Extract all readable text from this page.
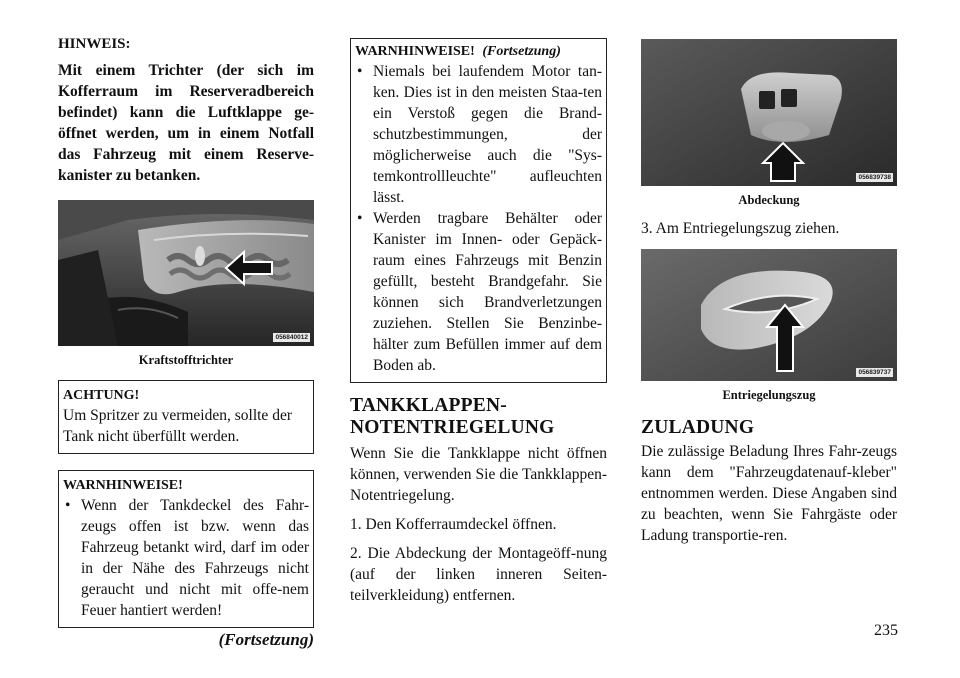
HINWEIS:

Mit einem Trichter (der sich im Kofferraum im Reserveradbereich befindet) kann die Luftklappe ge-öffnet werden, um in einem Notfall das Fahrzeug mit einem Reserve-kanister zu betanken.

056840012

Kraftstofftrichter

ACHTUNG!

Um Spritzer zu vermeiden, sollte der Tank nicht überfüllt werden.

WARNHINWEISE!

• Wenn der Tankdeckel des Fahr-zeugs offen ist bzw. wenn das Fahrzeug betankt wird, darf im oder in der Nähe des Fahrzeugs nicht geraucht und nicht mit offe-nem Feuer hantiert werden!

(Fortsetzung)

WARNHINWEISE! (Fortsetzung)

• Niemals bei laufendem Motor tan-ken. Dies ist in den meisten Staa-ten ein Verstoß gegen die Brand-schutzbestimmungen, der möglicherweise auch die "Sys-temkontrollleuchte" aufleuchten lässt.
• Werden tragbare Behälter oder Kanister im Innen- oder Gepäck-raum eines Fahrzeugs mit Benzin gefüllt, besteht Brandgefahr. Sie können sich Brandverletzungen zuziehen. Stellen Sie Benzinbe-hälter zum Befüllen immer auf dem Boden ab.

TANKKLAPPEN-

NOTENTRIEGELUNG

Wenn Sie die Tankklappe nicht öffnen können, verwenden Sie die Tankklappen-Notentriegelung.

1. Den Kofferraumdeckel öffnen.

2. Die Abdeckung der Montageöff-nung (auf der linken inneren Seiten-teilverkleidung) entfernen.

056839738

Abdeckung

3. Am Entriegelungszug ziehen.

056839737

Entriegelungszug

ZULADUNG

Die zulässige Beladung Ihres Fahr-zeugs kann dem "Fahrzeugdatenauf-kleber" entnommen werden. Diese Angaben sind zu beachten, wenn Sie Fahrgäste oder Ladung transportie-ren.

235
